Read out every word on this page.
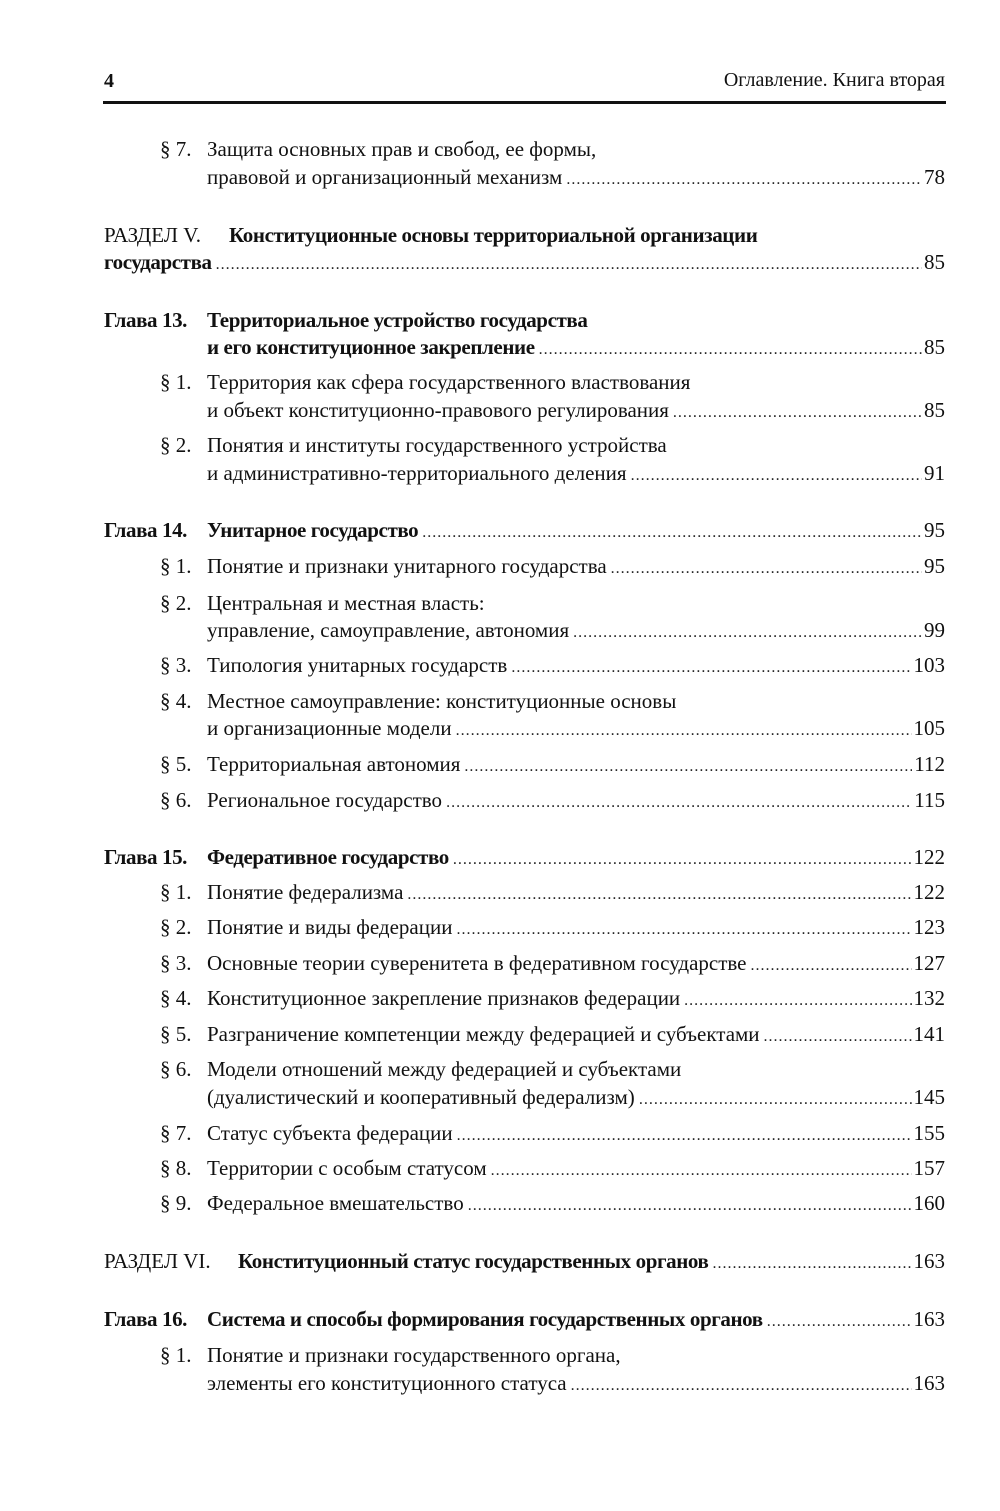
4	Оглавление. Книга вторая
§ 7. Защита основных прав и свобод, ее формы,
правовой и организационный механизм .....	78
РАЗДЕЛ V. Конституционные основы территориальной организации
государства .....	85
Глава 13. Территориальное устройство государства
и его конституционное закрепление .....	85
§ 1. Территория как сфера государственного властвования
и объект конституционно-правового регулирования .....	85
§ 2. Понятия и институты государственного устройства
и административно-территориального деления .....	91
Глава 14. Унитарное государство .....	95
§ 1. Понятие и признаки унитарного государства .....	95
§ 2. Центральная и местная власть:
управление, самоуправление, автономия .....	99
§ 3. Типология унитарных государств .....	103
§ 4. Местное самоуправление: конституционные основы
и организационные модели .....	105
§ 5. Территориальная автономия .....	112
§ 6. Региональное государство .....	115
Глава 15. Федеративное государство .....	122
§ 1. Понятие федерализма .....	122
§ 2. Понятие и виды федерации .....	123
§ 3. Основные теории суверенитета в федеративном государстве .....	127
§ 4. Конституционное закрепление признаков федерации .....	132
§ 5. Разграничение компетенции между федерацией и субъектами .....	141
§ 6. Модели отношений между федерацией и субъектами
(дуалистический и кооперативный федерализм) .....	145
§ 7. Статус субъекта федерации .....	155
§ 8. Территории с особым статусом .....	157
§ 9. Федеральное вмешательство .....	160
РАЗДЕЛ VI. Конституционный статус государственных органов .....	163
Глава 16. Система и способы формирования государственных органов .....	163
§ 1. Понятие и признаки государственного органа,
элементы его конституционного статуса .....	163
